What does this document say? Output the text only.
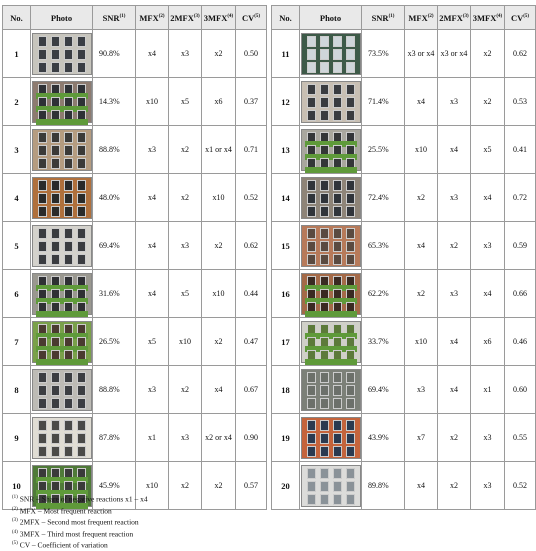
No.	Photo	SNR$^{(1)}$	MFX$^{(2)}$	2MFX$^{(3)}$	3MFX$^{(4)}$	CV$^{(5)}$
1		90.8%	x4	x3	x2	0.50
2		14.3%	x10	x5	x6	0.37
3		88.8%	x3	x2	x1 or x4	0.71
4		48.0%	x4	x2	x10	0.52
5		69.4%	x4	x3	x2	0.62
6		31.6%	x4	x5	x10	0.44
7		26.5%	x5	x10	x2	0.47
8		88.8%	x3	x2	x4	0.67
9		87.8%	x1	x3	x2 or x4	0.90
10		45.9%	x10	x2	x2	0.57
No.	Photo	SNR$^{(1)}$	MFX$^{(2)}$	2MFX$^{(3)}$	3MFX$^{(4)}$	CV$^{(5)}$
11		73.5%	x3 or x4	x3 or x4	x2	0.62
12		71.4%	x4	x3	x2	0.53
13		25.5%	x10	x4	x5	0.41
14		72.4%	x2	x3	x4	0.72
15		65.3%	x4	x2	x3	0.59
16		62.2%	x2	x3	x4	0.66
17		33.7%	x10	x4	x6	0.46
18		69.4%	x3	x4	x1	0.60
19		43.9%	x7	x2	x3	0.55
20		89.8%	x4	x2	x3	0.52
$^{(1)}$ SNR – Share of negative reactions x1 – x4
$^{(2)}$ MFX – Most frequent reaction
$^{(3)}$ 2MFX – Second most frequent reaction
$^{(4)}$ 3MFX – Third most frequent reaction
$^{(5)}$ CV – Coefficient of variation
